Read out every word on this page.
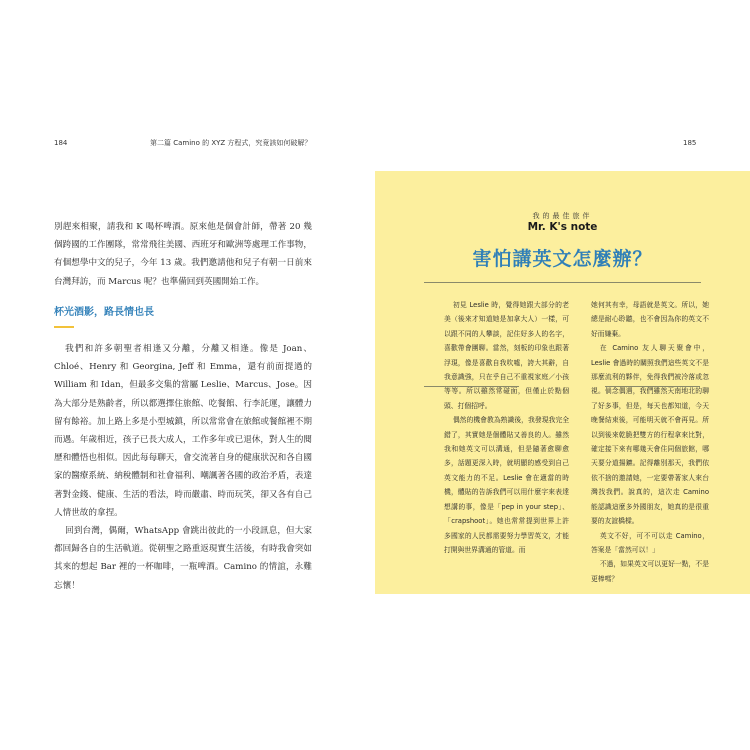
184	第二篇 Camino 的 XYZ 方程式，究竟該如何破解？	185

別趕來相聚，請我和 K 喝杯啤酒。原來他是個會計師，帶著 20 幾個跨國的工作團隊，常常飛往美國、西班牙和歐洲等處理工作事物，有個想學中文的兒子，今年 13 歲。我們邀請他和兒子有朝一日前來台灣拜訪，而 Marcus 呢？也準備回到英國開始工作。

杯光酒影，路長情也長

我們和許多朝聖者相逢又分離，分離又相逢。像是 Joan、Chloé、Henry 和 Georgina, Jeff 和 Emma，還有前面提過的 William 和 Idan，但最多交集的當屬 Leslie、Marcus、Jose。因為大部分是熟齡者，所以都選擇住旅館、吃餐館、行李託運，讓體力留有餘裕。加上路上多是小型城鎮，所以常常會在旅館或餐館裡不期而遇。年歲相近，孩子已長大成人，工作多年或已退休，對人生的閱歷和體悟也相似。因此每每聊天，會交流著自身的健康狀況和各自國家的醫療系統、納稅體制和社會福利、嘲諷著各國的政治矛盾，表達著對金錢、健康、生活的看法，時而嚴肅、時而玩笑，卻又各有自己人情世故的拿捏。

回到台灣，偶爾，WhatsApp 會跳出彼此的一小段訊息，但大家都回歸各自的生活軌道。從朝聖之路重返現實生活後，有時我會突如其來的想起 Bar 裡的一杯咖啡，一瓶啤酒。Camino 的情誼，永難忘懷！

我的最佳旅伴
Mr. K's note
害怕講英文怎麼辦？

初見 Leslie 時，覺得她跟大部分的老美（後來才知道她是加拿大人）一樣，可以跟不同的人攀談，記住好多人的名字，喜歡帶會團聊。當然，刻板的印象也跟著浮現，像是喜歡自我吹噓，誇大其辭，自我意識強，只在乎自己不重視家庭／小孩等等。所以雖然常碰面，但僅止於點個頭、打個招呼。

偶然的機會教為熟識後，我發現我完全錯了，其實她是個體貼又善良的人。雖然我和她英文可以溝通，但是隨著愈聊愈多，話題更深入時，就明顯的感受到自己英文能力的不足。Leslie 會在適當的時機，體貼的告訴我們可以用什麼字來表達想講的事，像是「pep in your step」、「crapshoot」。她也常常提到世界上許多國家的人民都需要努力學習英文，才能打開與世界溝通的管道。而

她何其有幸，母語就是英文。所以，她總是耐心聆聽，也不會因為你的英文不好而嫌棄。

在 Camino 友人聊天聚會中，Leslie 會過時的關照我們這些英文不是那麼流利的夥伴，免得我們被冷落或忽視。倘念偶遇，我們雖然天南地北的聊了好多事，但是，每天也都知道，今天晚餐結束後，可能明天就不會再見。所以到後來乾脆把雙方的行程拿來比對，確定接下來有哪幾天會住同個旅館，哪天要分道揚鑣。記得離別那天，我們依依不捨的邀請她，一定要帶著家人來台灣找我們。說真的，這次走 Camino 能認識這麼多外國朋友，她真的是很重要的友誼橋樑。

英文不好，可不可以走 Camino，答案是「當然可以！」

不過，如果英文可以更好一點，不是更棒嗎？
